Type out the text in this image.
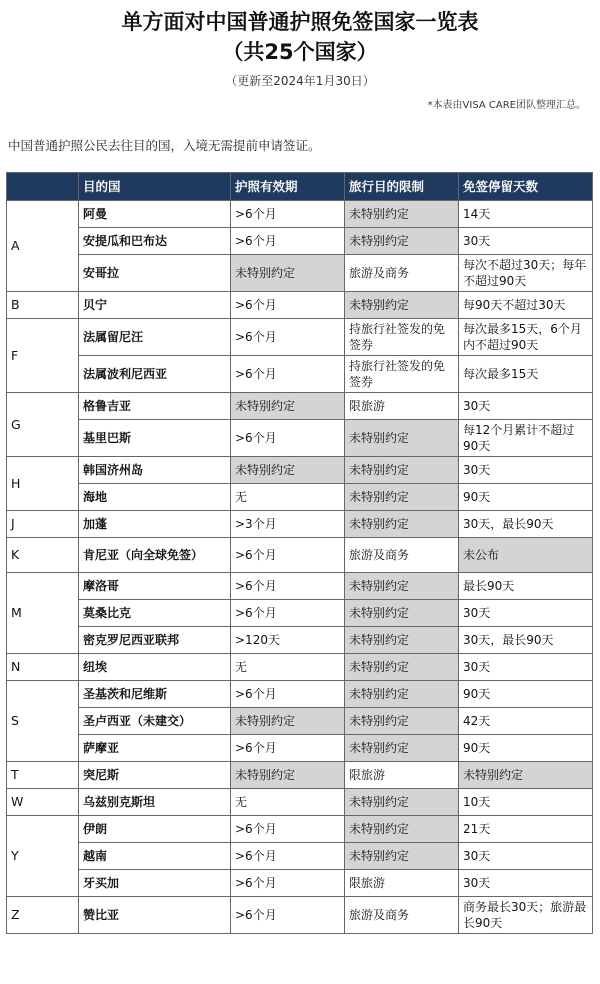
单方面对中国普通护照免签国家一览表
（共25个国家）
（更新至2024年1月30日）
*本表由VISA CARE团队整理汇总。
中国普通护照公民去往目的国，入境无需提前申请签证。
	目的国	护照有效期	旅行目的限制	免签停留天数
A	阿曼	>6个月	未特别约定	14天
	安提瓜和巴布达	>6个月	未特别约定	30天
	安哥拉	未特别约定	旅游及商务	每次不超过30天；每年不超过90天
B	贝宁	>6个月	未特别约定	每90天不超过30天
F	法属留尼汪	>6个月	持旅行社签发的免签券	每次最多15天，6个月内不超过90天
	法属波利尼西亚	>6个月	持旅行社签发的免签券	每次最多15天
G	格鲁吉亚	未特别约定	限旅游	30天
	基里巴斯	>6个月	未特别约定	每12个月累计不超过90天
H	韩国济州岛	未特别约定	未特别约定	30天
	海地	无	未特别约定	90天
J	加蓬	>3个月	未特别约定	30天，最长90天
K	肯尼亚（向全球免签）	>6个月	旅游及商务	未公布
M	摩洛哥	>6个月	未特别约定	最长90天
	莫桑比克	>6个月	未特别约定	30天
	密克罗尼西亚联邦	>120天	未特别约定	30天，最长90天
N	纽埃	无	未特别约定	30天
S	圣基茨和尼维斯	>6个月	未特别约定	90天
	圣卢西亚（未建交）	未特别约定	未特别约定	42天
	萨摩亚	>6个月	未特别约定	90天
T	突尼斯	未特别约定	限旅游	未特别约定
W	乌兹别克斯坦	无	未特别约定	10天
Y	伊朗	>6个月	未特别约定	21天
	越南	>6个月	未特别约定	30天
	牙买加	>6个月	限旅游	30天
Z	赞比亚	>6个月	旅游及商务	商务最长30天；旅游最长90天
